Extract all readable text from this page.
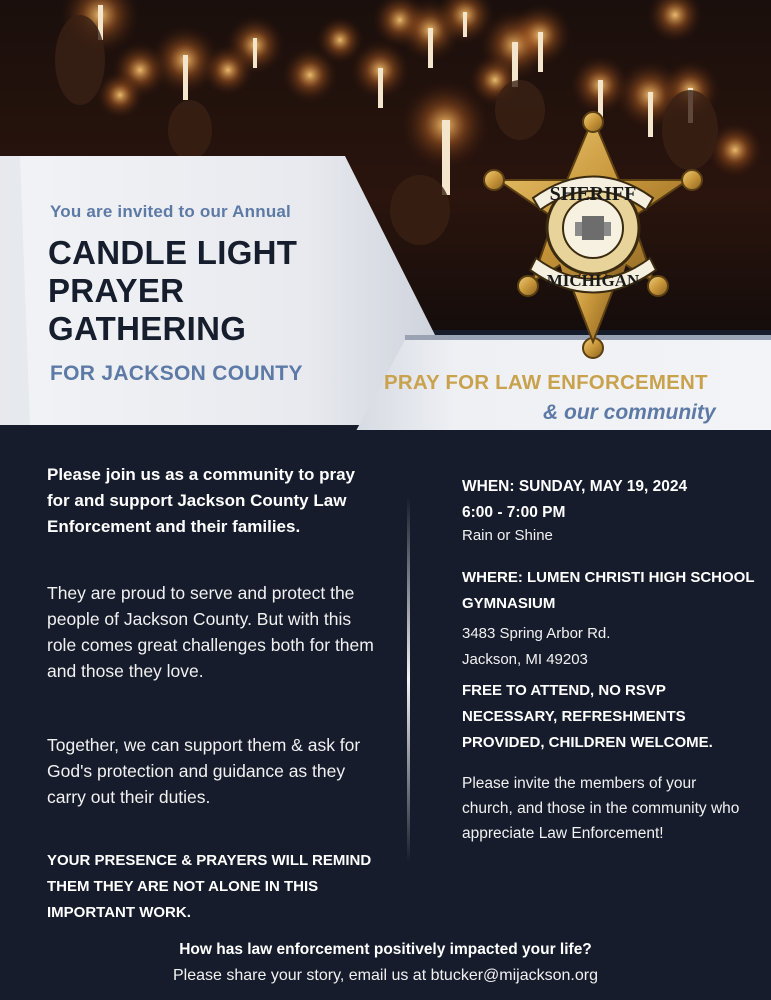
SHERIFF
MICHIGAN
You are invited to our Annual
CANDLE LIGHT
PRAYER
GATHERING
FOR JACKSON COUNTY	PRAY FOR LAW ENFORCEMENT
& our community
Please join us as a community to pray for and support Jackson County Law Enforcement and their families.
They are proud to serve and protect the people of Jackson County. But with this role comes great challenges both for them and those they love.
Together, we can support them & ask for God's protection and guidance as they carry out their duties.
YOUR PRESENCE & PRAYERS WILL REMIND THEM THEY ARE NOT ALONE IN THIS IMPORTANT WORK.
WHEN: SUNDAY, MAY 19, 2024
6:00 - 7:00 PM
Rain or Shine
WHERE: LUMEN CHRISTI HIGH SCHOOL GYMNASIUM
3483 Spring Arbor Rd.
Jackson, MI 49203
FREE TO ATTEND, NO RSVP NECESSARY, REFRESHMENTS PROVIDED, CHILDREN WELCOME.
Please invite the members of your church, and those in the community who appreciate Law Enforcement!
How has law enforcement positively impacted your life?
Please share your story, email us at btucker@mijackson.org
